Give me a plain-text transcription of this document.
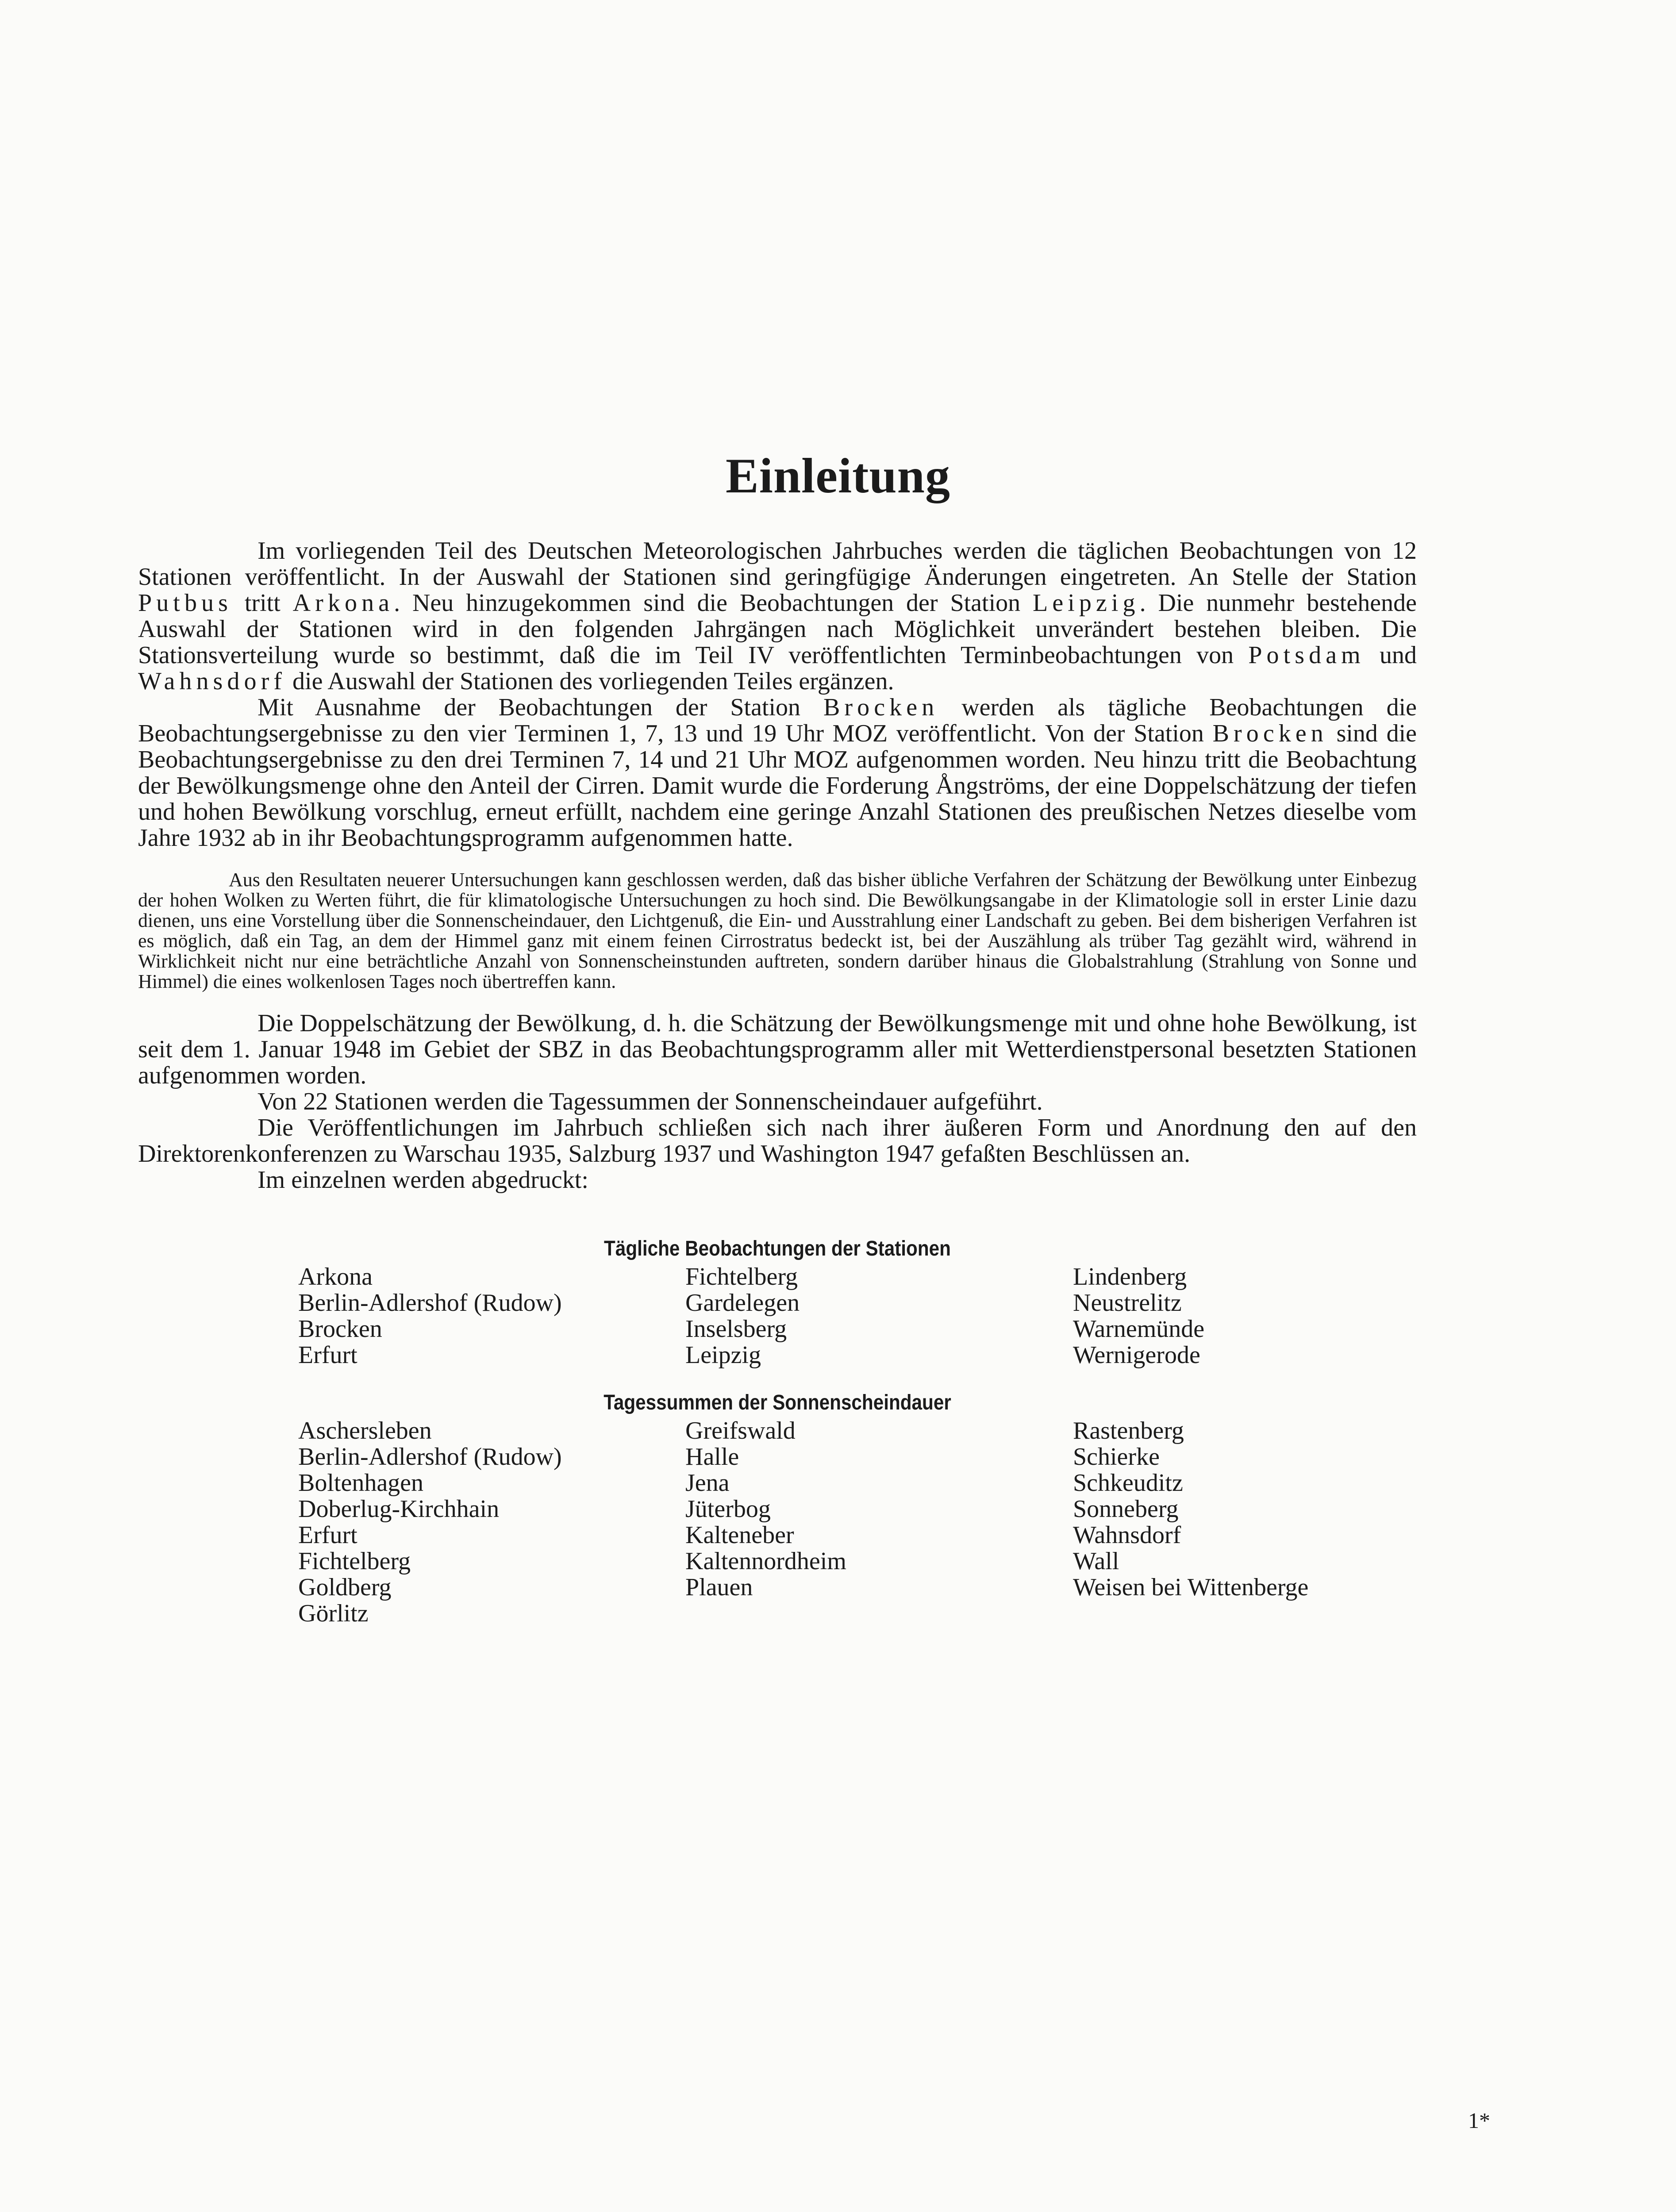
Einleitung

Im vorliegenden Teil des Deutschen Meteorologischen Jahrbuches werden die täglichen Beobachtungen von 12 Stationen veröffentlicht. In der Auswahl der Stationen sind geringfügige Änderungen eingetreten. An Stelle der Station Putbus tritt Arkona. Neu hinzugekommen sind die Beobachtungen der Station Leipzig. Die nunmehr bestehende Auswahl der Stationen wird in den folgenden Jahrgängen nach Möglichkeit unverändert bestehen bleiben. Die Stationsverteilung wurde so bestimmt, daß die im Teil IV veröffentlichten Terminbeobachtungen von Potsdam und Wahnsdorf die Auswahl der Stationen des vorliegenden Teiles ergänzen.

Mit Ausnahme der Beobachtungen der Station Brocken werden als tägliche Beobachtungen die Beobachtungsergebnisse zu den vier Terminen 1, 7, 13 und 19 Uhr MOZ veröffentlicht. Von der Station Brocken sind die Beobachtungsergebnisse zu den drei Terminen 7, 14 und 21 Uhr MOZ aufgenommen worden. Neu hinzu tritt die Beobachtung der Bewölkungsmenge ohne den Anteil der Cirren. Damit wurde die Forderung Ångströms, der eine Doppelschätzung der tiefen und hohen Bewölkung vorschlug, erneut erfüllt, nachdem eine geringe Anzahl Stationen des preußischen Netzes dieselbe vom Jahre 1932 ab in ihr Beobachtungsprogramm aufgenommen hatte.

Aus den Resultaten neuerer Untersuchungen kann geschlossen werden, daß das bisher übliche Verfahren der Schätzung der Bewölkung unter Einbezug der hohen Wolken zu Werten führt, die für klimatologische Untersuchungen zu hoch sind. Die Bewölkungsangabe in der Klimatologie soll in erster Linie dazu dienen, uns eine Vorstellung über die Sonnenscheindauer, den Lichtgenuß, die Ein- und Ausstrahlung einer Landschaft zu geben. Bei dem bisherigen Verfahren ist es möglich, daß ein Tag, an dem der Himmel ganz mit einem feinen Cirrostratus bedeckt ist, bei der Auszählung als trüber Tag gezählt wird, während in Wirklichkeit nicht nur eine beträchtliche Anzahl von Sonnenscheinstunden auftreten, sondern darüber hinaus die Globalstrahlung (Strahlung von Sonne und Himmel) die eines wolkenlosen Tages noch übertreffen kann.

Die Doppelschätzung der Bewölkung, d. h. die Schätzung der Bewölkungsmenge mit und ohne hohe Bewölkung, ist seit dem 1. Januar 1948 im Gebiet der SBZ in das Beobachtungsprogramm aller mit Wetterdienstpersonal besetzten Stationen aufgenommen worden.

Von 22 Stationen werden die Tagessummen der Sonnenscheindauer aufgeführt.

Die Veröffentlichungen im Jahrbuch schließen sich nach ihrer äußeren Form und Anordnung den auf den Direktorenkonferenzen zu Warschau 1935, Salzburg 1937 und Washington 1947 gefaßten Beschlüssen an.

Im einzelnen werden abgedruckt:

Tägliche Beobachtungen der Stationen
Arkona
Berlin-Adlershof (Rudow)
Brocken
Erfurt
Fichtelberg
Gardelegen
Inselsberg
Leipzig
Lindenberg
Neustrelitz
Warnemünde
Wernigerode
Tagessummen der Sonnenscheindauer
Aschersleben
Berlin-Adlershof (Rudow)
Boltenhagen
Doberlug-Kirchhain
Erfurt
Fichtelberg
Goldberg
Görlitz
Greifswald
Halle
Jena
Jüterbog
Kalteneber
Kaltennordheim
Plauen
Rastenberg
Schierke
Schkeuditz
Sonneberg
Wahnsdorf
Wall
Weisen bei Wittenberge
1*
